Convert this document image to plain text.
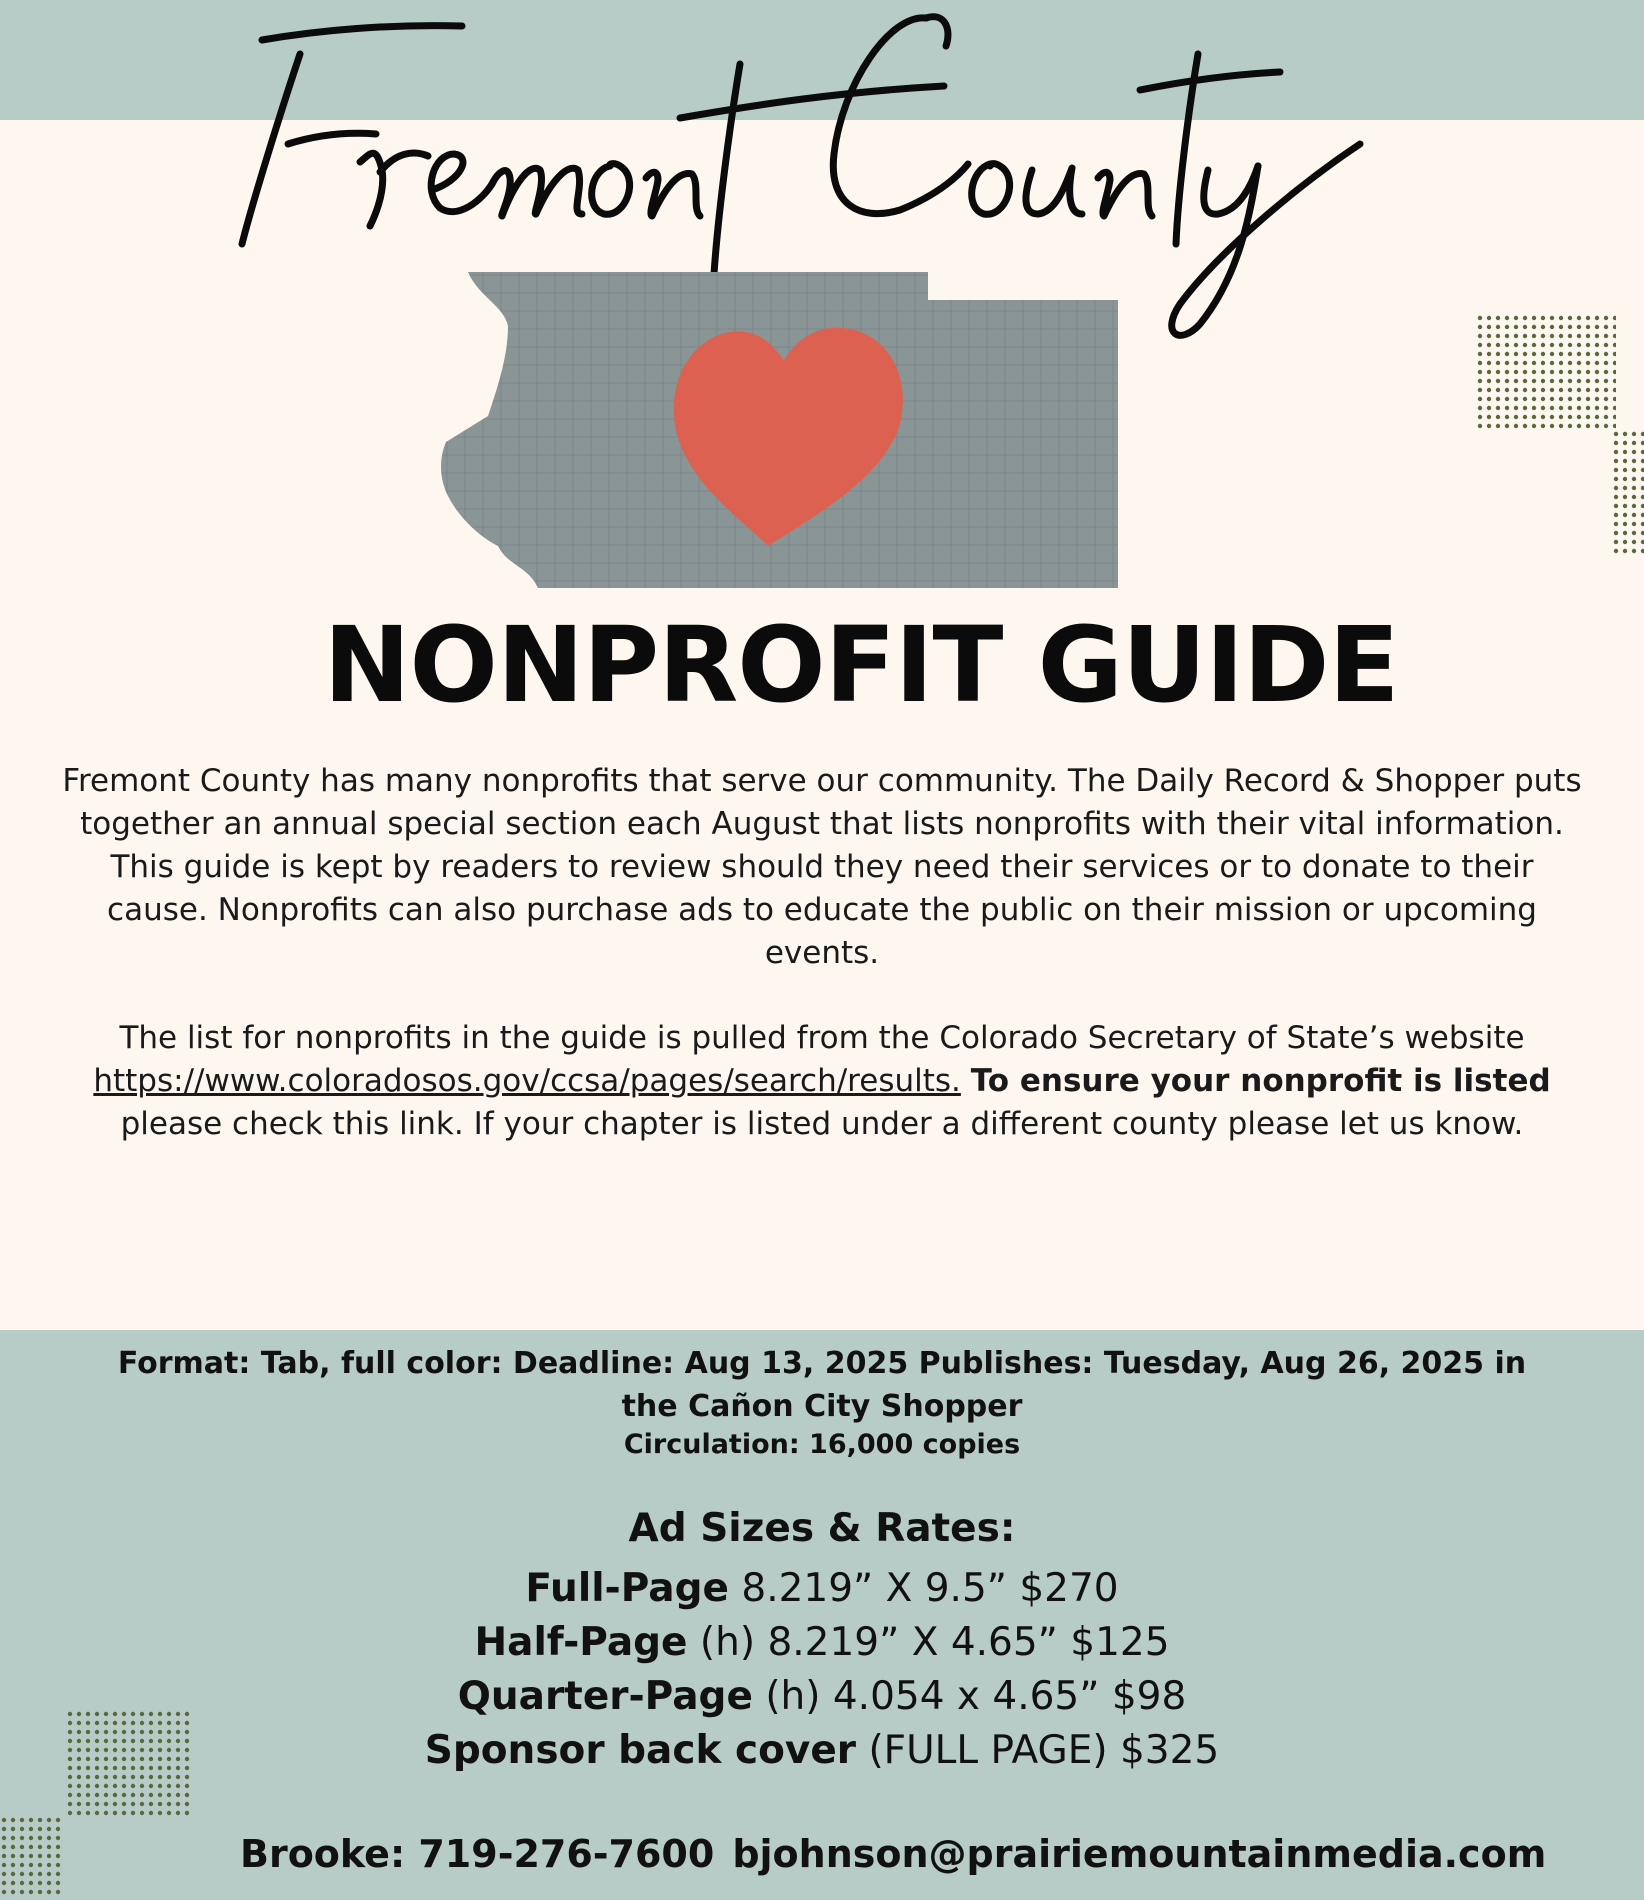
NONPROFIT GUIDE
Fremont County has many nonprofits that serve our community. The Daily Record & Shopper puts together an annual special section each August that lists nonprofits with their vital information. This guide is kept by readers to review should they need their services or to donate to their cause. Nonprofits can also purchase ads to educate the public on their mission or upcoming events.
The list for nonprofits in the guide is pulled from the Colorado Secretary of State’s website https://www.coloradosos.gov/ccsa/pages/search/results. To ensure your nonprofit is listed please check this link. If your chapter is listed under a different county please let us know.
Format: Tab, full color: Deadline: Aug 13, 2025 Publishes: Tuesday, Aug 26, 2025 in the Cañon City Shopper
Circulation: 16,000 copies
Ad Sizes & Rates:
Full-Page 8.219” X 9.5” $270
Half-Page (h) 8.219” X 4.65” $125
Quarter-Page (h) 4.054 x 4.65” $98
Sponsor back cover (FULL PAGE) $325
Brooke: 719-276-7600 bjohnson@prairiemountainmedia.com
